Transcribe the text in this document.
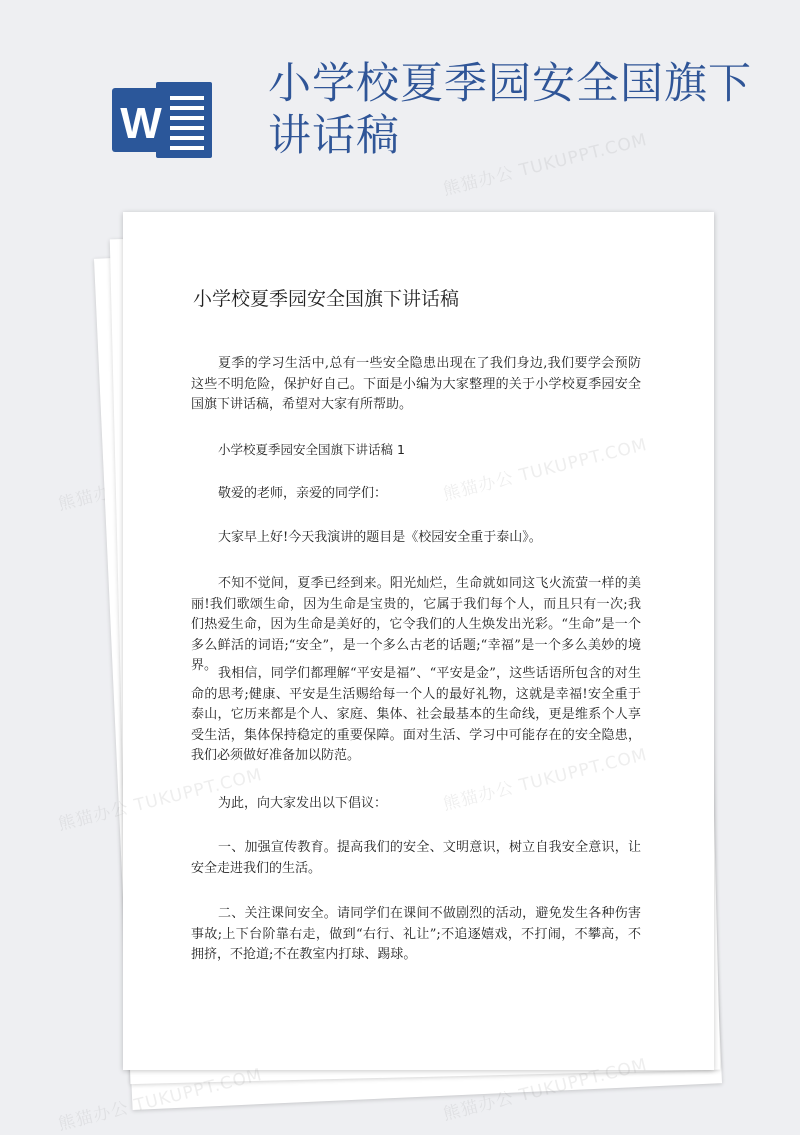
W
小学校夏季园安全国旗下讲话稿	熊猫办公 TUKUPPT.COM
熊猫办公
小学校夏季园安全国旗下讲话稿

夏季的学习生活中,总有一些安全隐患出现在了我们身边,我们要学会预防这些不明危险，保护好自己。下面是小编为大家整理的关于小学校夏季园安全国旗下讲话稿，希望对大家有所帮助。

小学校夏季园安全国旗下讲话稿 1

敬爱的老师，亲爱的同学们：

大家早上好!今天我演讲的题目是《校园安全重于泰山》。

不知不觉间，夏季已经到来。阳光灿烂，生命就如同这飞火流萤一样的美丽!我们歌颂生命，因为生命是宝贵的，它属于我们每个人，而且只有一次;我们热爱生命，因为生命是美好的，它令我们的人生焕发出光彩。“生命”是一个多么鲜活的词语;“安全”，是一个多么古老的话题;“幸福”是一个多么美妙的境界。

我相信，同学们都理解“平安是福”、“平安是金”，这些话语所包含的对生命的思考;健康、平安是生活赐给每一个人的最好礼物，这就是幸福!安全重于泰山，它历来都是个人、家庭、集体、社会最基本的生命线，更是维系个人享受生活，集体保持稳定的重要保障。面对生活、学习中可能存在的安全隐患，我们必须做好准备加以防范。

为此，向大家发出以下倡议：

一、加强宣传教育。提高我们的安全、文明意识，树立自我安全意识，让安全走进我们的生活。

二、关注课间安全。请同学们在课间不做剧烈的活动，避免发生各种伤害事故;上下台阶靠右走，做到“右行、礼让”;不追逐嬉戏，不打闹，不攀高，不拥挤，不抢道;不在教室内打球、踢球。

熊猫办公
熊猫办公
